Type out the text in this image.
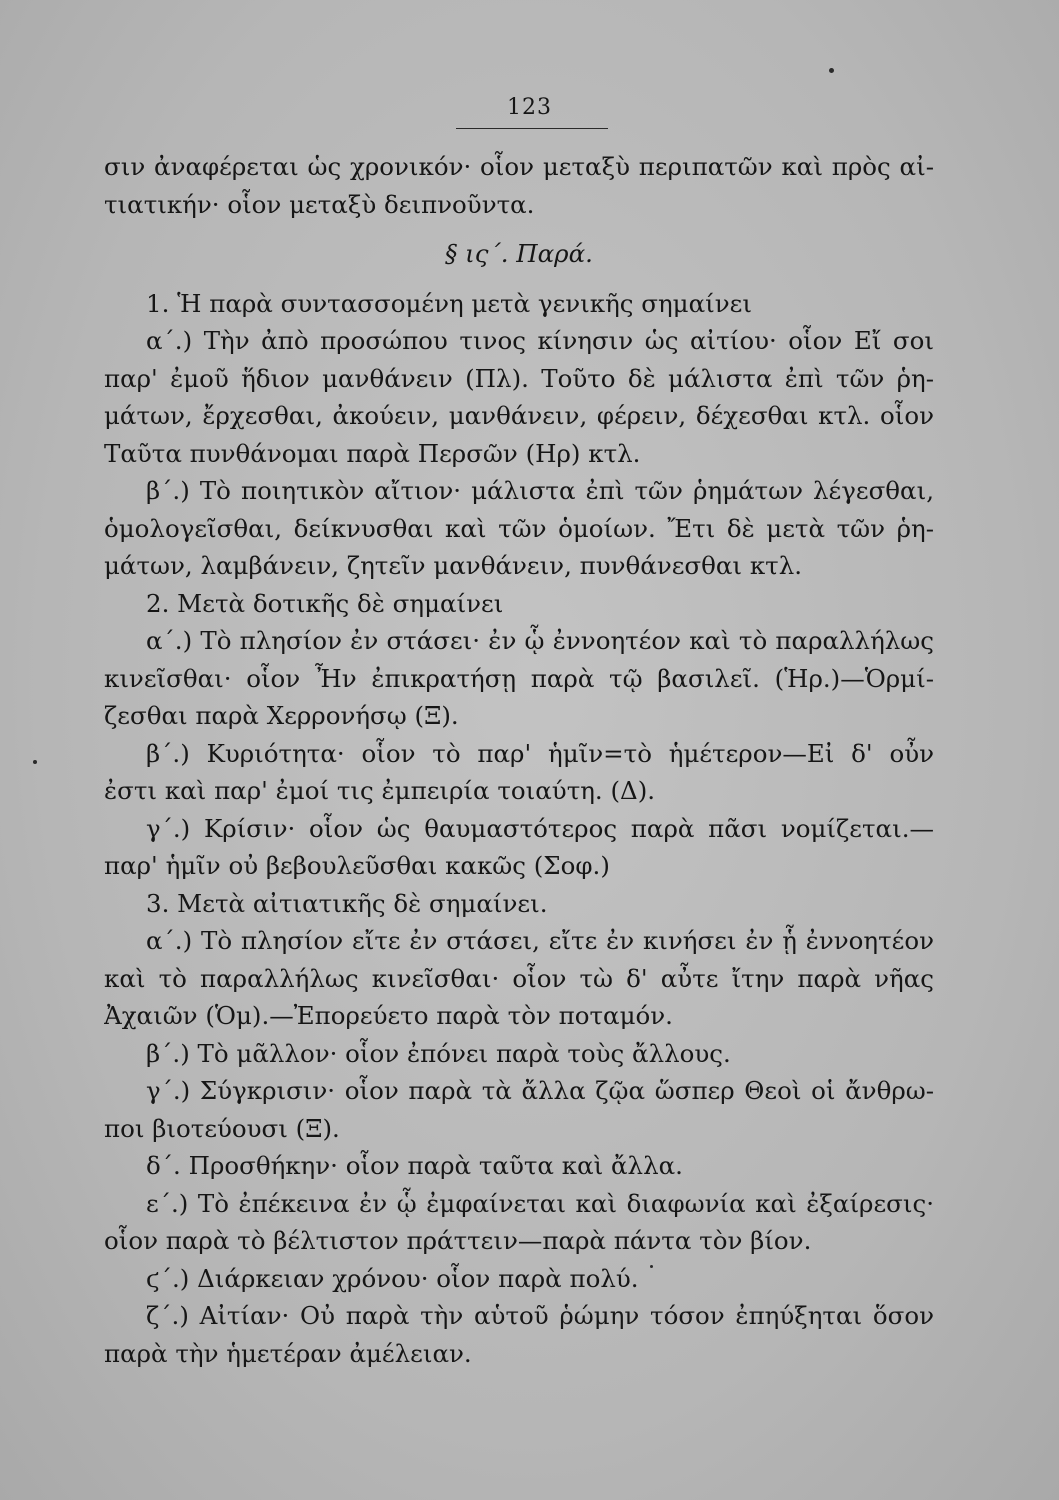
123
σιν ἀναφέρεται ὡς χρονικόν· οἷον μεταξὺ περιπατῶν καὶ πρὸς αἰ-
τιατικήν· οἷον μεταξὺ δειπνοῦντα.
§ ις΄. Παρά.
1. Ἡ παρὰ συντασσομένη μετὰ γενικῆς σημαίνει
α΄.) Τὴν ἀπὸ προσώπου τινος κίνησιν ὡς αἰτίου· οἷον Εἴ σοι
παρ' ἐμοῦ ἥδιον μανθάνειν (Πλ). Τοῦτο δὲ μάλιστα ἐπὶ τῶν ῥη-
μάτων, ἔρχεσθαι, ἀκούειν, μανθάνειν, φέρειν, δέχεσθαι κτλ. οἷον
Ταῦτα πυνθάνομαι παρὰ Περσῶν (Ηρ) κτλ.
β΄.) Τὸ ποιητικὸν αἴτιον· μάλιστα ἐπὶ τῶν ῥημάτων λέγεσθαι,
ὁμολογεῖσθαι, δείκνυσθαι καὶ τῶν ὁμοίων. Ἔτι δὲ μετὰ τῶν ῥη-
μάτων, λαμβάνειν, ζητεῖν μανθάνειν, πυνθάνεσθαι κτλ.
2. Μετὰ δοτικῆς δὲ σημαίνει
α΄.) Τὸ πλησίον ἐν στάσει· ἐν ᾧ ἐννοητέον καὶ τὸ παραλλήλως
κινεῖσθαι· οἷον Ἦν ἐπικρατήσῃ παρὰ τῷ βασιλεῖ. (Ἡρ.)—Ὁρμί-
ζεσθαι παρὰ Χερρονήσῳ (Ξ).
β΄.) Κυριότητα· οἷον τὸ παρ' ἡμῖν=τὸ ἡμέτερον—Εἰ δ' οὖν
ἐστι καὶ παρ' ἐμοί τις ἐμπειρία τοιαύτη. (Δ).
γ΄.) Κρίσιν· οἷον ὡς θαυμαστότερος παρὰ πᾶσι νομίζεται.—
παρ' ἡμῖν οὐ βεβουλεῦσθαι κακῶς (Σοφ.)
3. Μετὰ αἰτιατικῆς δὲ σημαίνει.
α΄.) Τὸ πλησίον εἴτε ἐν στάσει, εἴτε ἐν κινήσει ἐν ᾗ ἐννοητέον
καὶ τὸ παραλλήλως κινεῖσθαι· οἷον τὼ δ' αὖτε ἴτην παρὰ νῆας
Ἀχαιῶν (Ὁμ).—Ἐπορεύετο παρὰ τὸν ποταμόν.
β΄.) Τὸ μᾶλλον· οἷον ἐπόνει παρὰ τοὺς ἄλλους.
γ΄.) Σύγκρισιν· οἷον παρὰ τὰ ἄλλα ζῷα ὥσπερ Θεοὶ οἱ ἄνθρω-
ποι βιοτεύουσι (Ξ).
δ΄. Προσθήκην· οἷον παρὰ ταῦτα καὶ ἄλλα.
ε΄.) Τὸ ἐπέκεινα ἐν ᾧ ἐμφαίνεται καὶ διαφωνία καὶ ἐξαίρεσις·
οἷον παρὰ τὸ βέλτιστον πράττειν—παρὰ πάντα τὸν βίον.
ϛ΄.) Διάρκειαν χρόνου· οἷον παρὰ πολύ.
ζ΄.) Αἰτίαν· Οὐ παρὰ τὴν αὑτοῦ ῥώμην τόσον ἐπηύξηται ὅσον
παρὰ τὴν ἡμετέραν ἀμέλειαν.
